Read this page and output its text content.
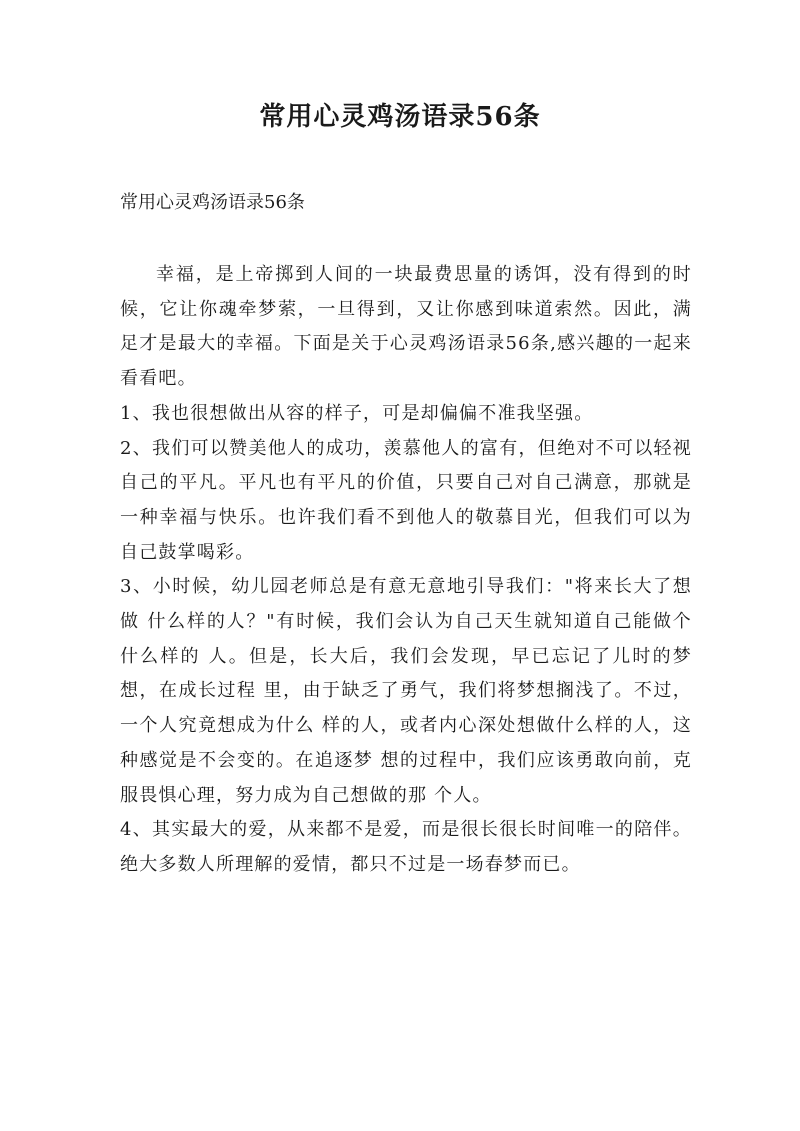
常用心灵鸡汤语录56条

常用心灵鸡汤语录56条

幸福，是上帝掷到人间的一块最费思量的诱饵，没有得到的时候，它让你魂牵梦萦，一旦得到，又让你感到味道索然。因此，满足才是最大的幸福。下面是关于心灵鸡汤语录56条,感兴趣的一起来看看吧。

1、我也很想做出从容的样子，可是却偏偏不准我坚强。

2、我们可以赞美他人的成功，羡慕他人的富有，但绝对不可以轻视自己的平凡。平凡也有平凡的价值，只要自己对自己满意，那就是一种幸福与快乐。也许我们看不到他人的敬慕目光，但我们可以为自己鼓掌喝彩。

3、小时候，幼儿园老师总是有意无意地引导我们："将来长大了想做 什么样的人？"有时候，我们会认为自己天生就知道自己能做个什么样的 人。但是，长大后，我们会发现，早已忘记了儿时的梦想，在成长过程 里，由于缺乏了勇气，我们将梦想搁浅了。不过，一个人究竟想成为什么 样的人，或者内心深处想做什么样的人，这种感觉是不会变的。在追逐梦 想的过程中，我们应该勇敢向前，克服畏惧心理，努力成为自己想做的那 个人。

4、其实最大的爱，从来都不是爱，而是很长很长时间唯一的陪伴。绝大多数人所理解的爱情，都只不过是一场春梦而已。
